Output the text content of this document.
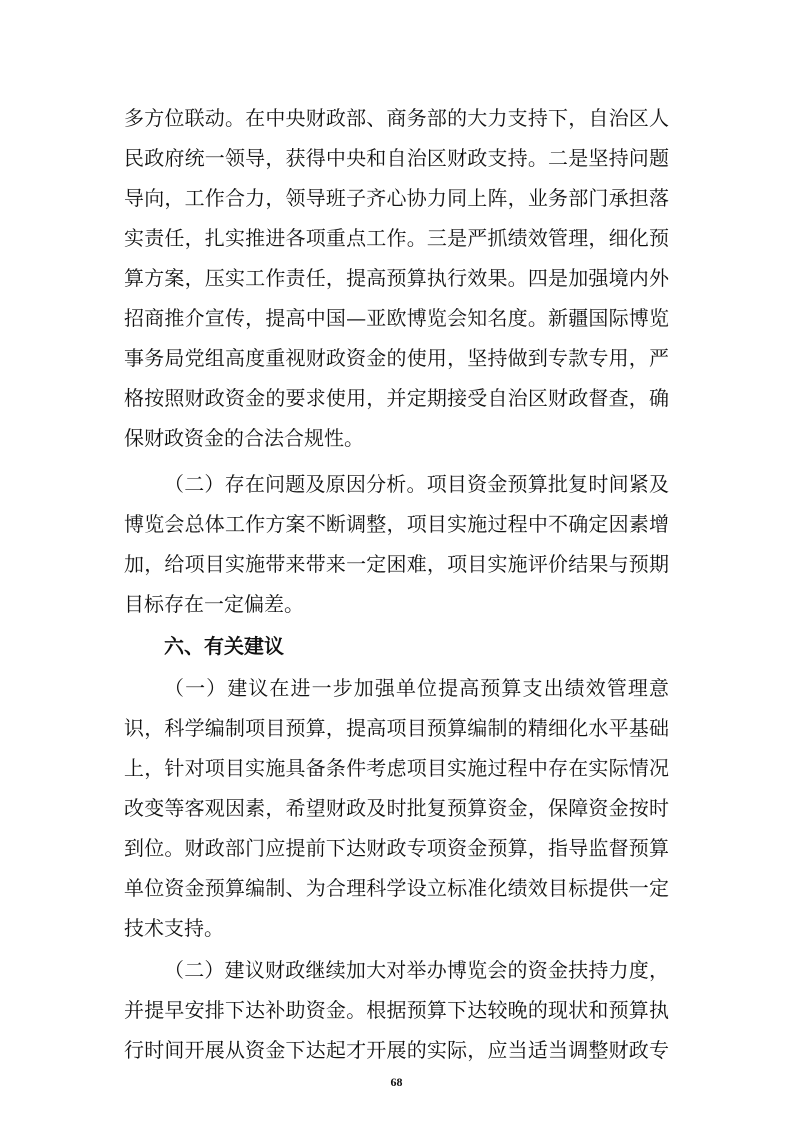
多方位联动。在中央财政部、商务部的大力支持下，自治区人
民政府统一领导，获得中央和自治区财政支持。二是坚持问题
导向，工作合力，领导班子齐心协力同上阵，业务部门承担落
实责任，扎实推进各项重点工作。三是严抓绩效管理，细化预
算方案，压实工作责任，提高预算执行效果。四是加强境内外
招商推介宣传，提高中国—亚欧博览会知名度。新疆国际博览
事务局党组高度重视财政资金的使用，坚持做到专款专用，严
格按照财政资金的要求使用，并定期接受自治区财政督查，确
保财政资金的合法合规性。
（二）存在问题及原因分析。项目资金预算批复时间紧及
博览会总体工作方案不断调整，项目实施过程中不确定因素增
加，给项目实施带来带来一定困难，项目实施评价结果与预期
目标存在一定偏差。
六、有关建议
（一）建议在进一步加强单位提高预算支出绩效管理意
识，科学编制项目预算，提高项目预算编制的精细化水平基础
上，针对项目实施具备条件考虑项目实施过程中存在实际情况
改变等客观因素，希望财政及时批复预算资金，保障资金按时
到位。财政部门应提前下达财政专项资金预算，指导监督预算
单位资金预算编制、为合理科学设立标准化绩效目标提供一定
技术支持。
（二）建议财政继续加大对举办博览会的资金扶持力度，
并提早安排下达补助资金。根据预算下达较晚的现状和预算执
行时间开展从资金下达起才开展的实际，应当适当调整财政专
68
